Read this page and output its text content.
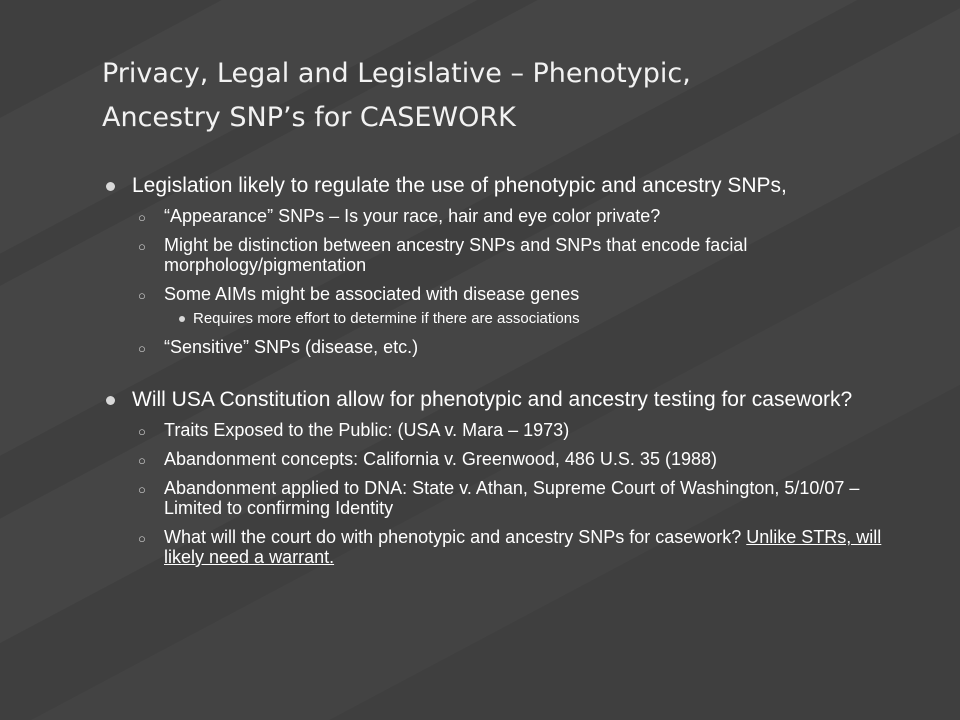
Privacy, Legal and Legislative – Phenotypic,
Ancestry SNP’s for CASEWORK
Legislation likely to regulate the use of phenotypic and ancestry SNPs,
○ “Appearance” SNPs – Is your race, hair and eye color private?
○ Might be distinction between ancestry SNPs and SNPs that encode facial morphology/pigmentation
○ Some AIMs might be associated with disease genes
Requires more effort to determine if there are associations
○ “Sensitive” SNPs (disease, etc.)
Will USA Constitution allow for phenotypic and ancestry testing for casework?
○ Traits Exposed to the Public: (USA v. Mara – 1973)
○ Abandonment concepts: California v. Greenwood, 486 U.S. 35 (1988)
○ Abandonment applied to DNA: State v. Athan, Supreme Court of Washington, 5/10/07 – Limited to confirming Identity
○ What will the court do with phenotypic and ancestry SNPs for casework? Unlike STRs, will likely need a warrant.
